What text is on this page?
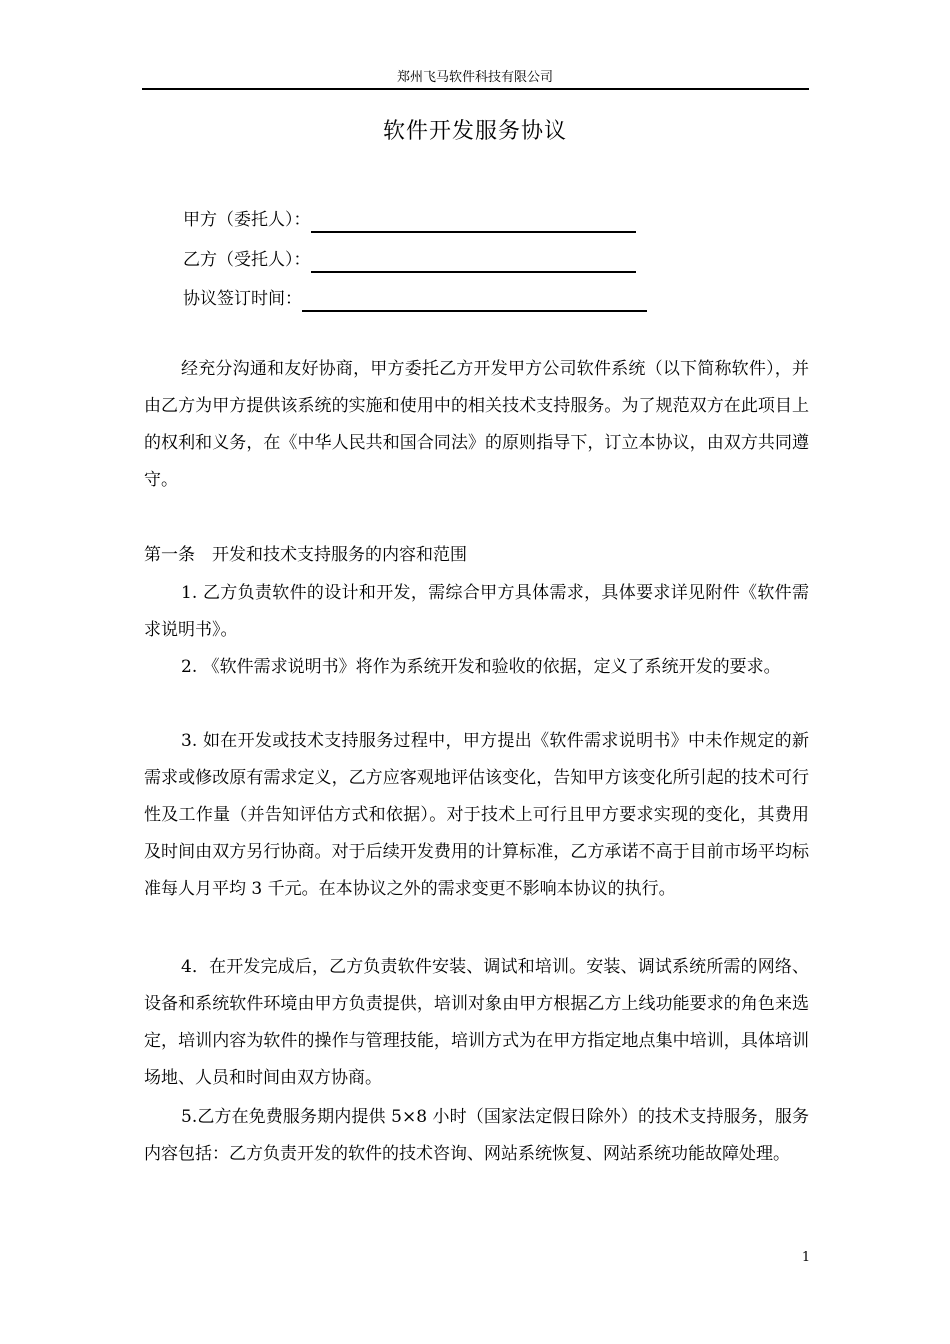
郑州飞马软件科技有限公司
软件开发服务协议
甲方（委托人）：
乙方（受托人）：
协议签订时间：

经充分沟通和友好协商，甲方委托乙方开发甲方公司软件系统（以下简称软件），并由乙方为甲方提供该系统的实施和使用中的相关技术支持服务。为了规范双方在此项目上的权利和义务，在《中华人民共和国合同法》的原则指导下，订立本协议，由双方共同遵守。

第一条　开发和技术支持服务的内容和范围

1. 乙方负责软件的设计和开发，需综合甲方具体需求，具体要求详见附件《软件需求说明书》。

2. 《软件需求说明书》将作为系统开发和验收的依据，定义了系统开发的要求。

3. 如在开发或技术支持服务过程中，甲方提出《软件需求说明书》中未作规定的新需求或修改原有需求定义，乙方应客观地评估该变化，告知甲方该变化所引起的技术可行性及工作量（并告知评估方式和依据）。对于技术上可行且甲方要求实现的变化，其费用及时间由双方另行协商。对于后续开发费用的计算标准，乙方承诺不高于目前市场平均标准每人月平均 3 千元。在本协议之外的需求变更不影响本协议的执行。

4．在开发完成后，乙方负责软件安装、调试和培训。安装、调试系统所需的网络、设备和系统软件环境由甲方负责提供，培训对象由甲方根据乙方上线功能要求的角色来选定，培训内容为软件的操作与管理技能，培训方式为在甲方指定地点集中培训，具体培训场地、人员和时间由双方协商。

5.乙方在免费服务期内提供 5×8 小时（国家法定假日除外）的技术支持服务，服务内容包括：乙方负责开发的软件的技术咨询、网站系统恢复、网站系统功能故障处理。

1
